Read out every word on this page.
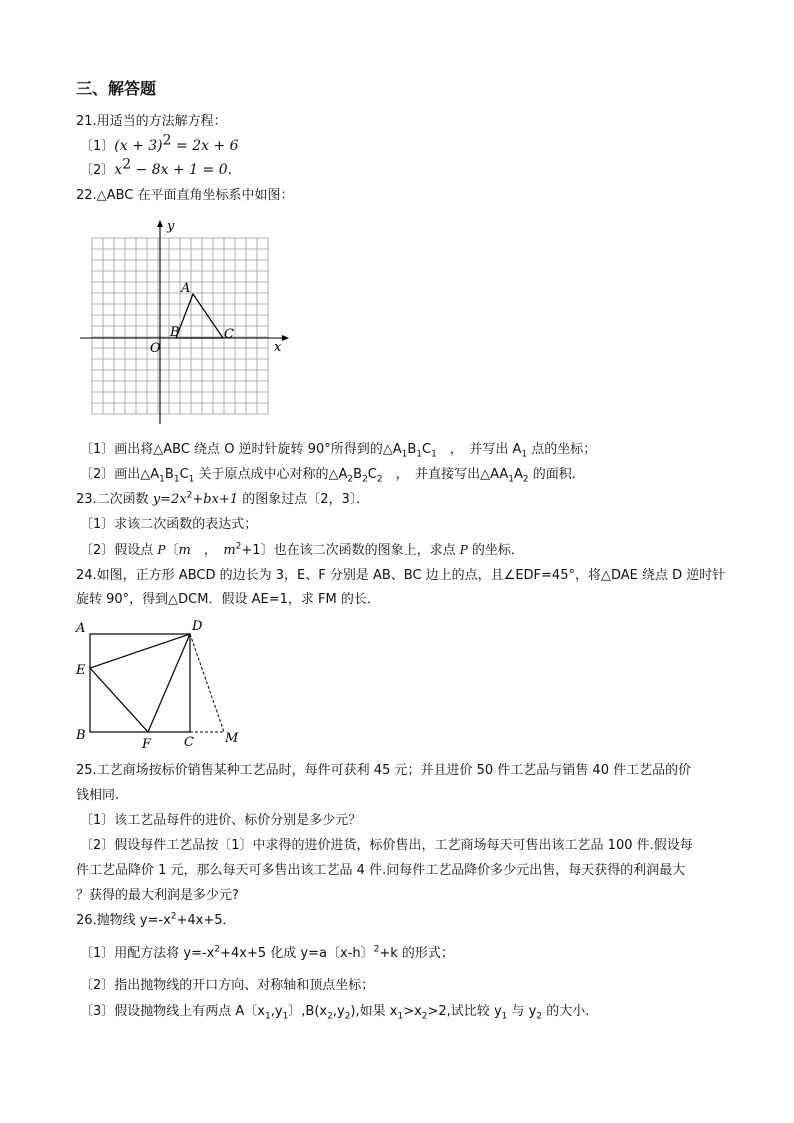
三、解答题
21.用适当的方法解方程：
〔1〕$(x + 3)^2 = 2x + 6$
〔2〕$x^2 - 8x + 1 = 0$.
22.△ABC 在平面直角坐标系中如图：
y
x
O
A
B	C
〔1〕画出将△ABC 绕点 O 逆时针旋转 90°所得到的$\triangle A_1B_1C_1$　，　并写出 $A_1$ 点的坐标；
〔2〕画出$\triangle A_1B_1C_1$ 关于原点成中心对称的$\triangle A_2B_2C_2$　，　并直接写出$\triangle AA_1A_2$ 的面积．
23.二次函数 $y=2x^2+bx+1$ 的图象过点〔2，3〕．
〔1〕求该二次函数的表达式；
〔2〕假设点 P〔m　，　$m^2+1$〕也在该二次函数的图象上，求点 P 的坐标．
24.如图，正方形 ABCD 的边长为 3，E、F 分别是 AB、BC 边上的点，且∠EDF=45°，将△DAE 绕点 D 逆时针
旋转 90°，得到△DCM．假设 AE=1，求 FM 的长．
A	D
E
B
F	C M
25.工艺商场按标价销售某种工艺品时，每件可获利 45 元；并且进价 50 件工艺品与销售 40 件工艺品的价
钱相同.
〔1〕该工艺品每件的进价、标价分别是多少元？
〔2〕假设每件工艺品按〔1〕中求得的进价进货，标价售出，工艺商场每天可售出该工艺品 100 件.假设每
件工艺品降价 1 元，那么每天可多售出该工艺品 4 件.问每件工艺品降价多少元出售，每天获得的利润最大
？获得的最大利润是多少元?
26.抛物线 $y=-x^2+4x+5$．
〔1〕用配方法将 $y=-x^2+4x+5$ 化成 y=a〔x-h〕$^2$+k 的形式；
〔2〕指出抛物线的开口方向、对称轴和顶点坐标；
〔3〕假设抛物线上有两点 A〔$x_1,y_1$〕$,B(x_2,y_2)$,如果 $x_1>x_2>2$,试比较 $y_1$ 与 $y_2$ 的大小.
